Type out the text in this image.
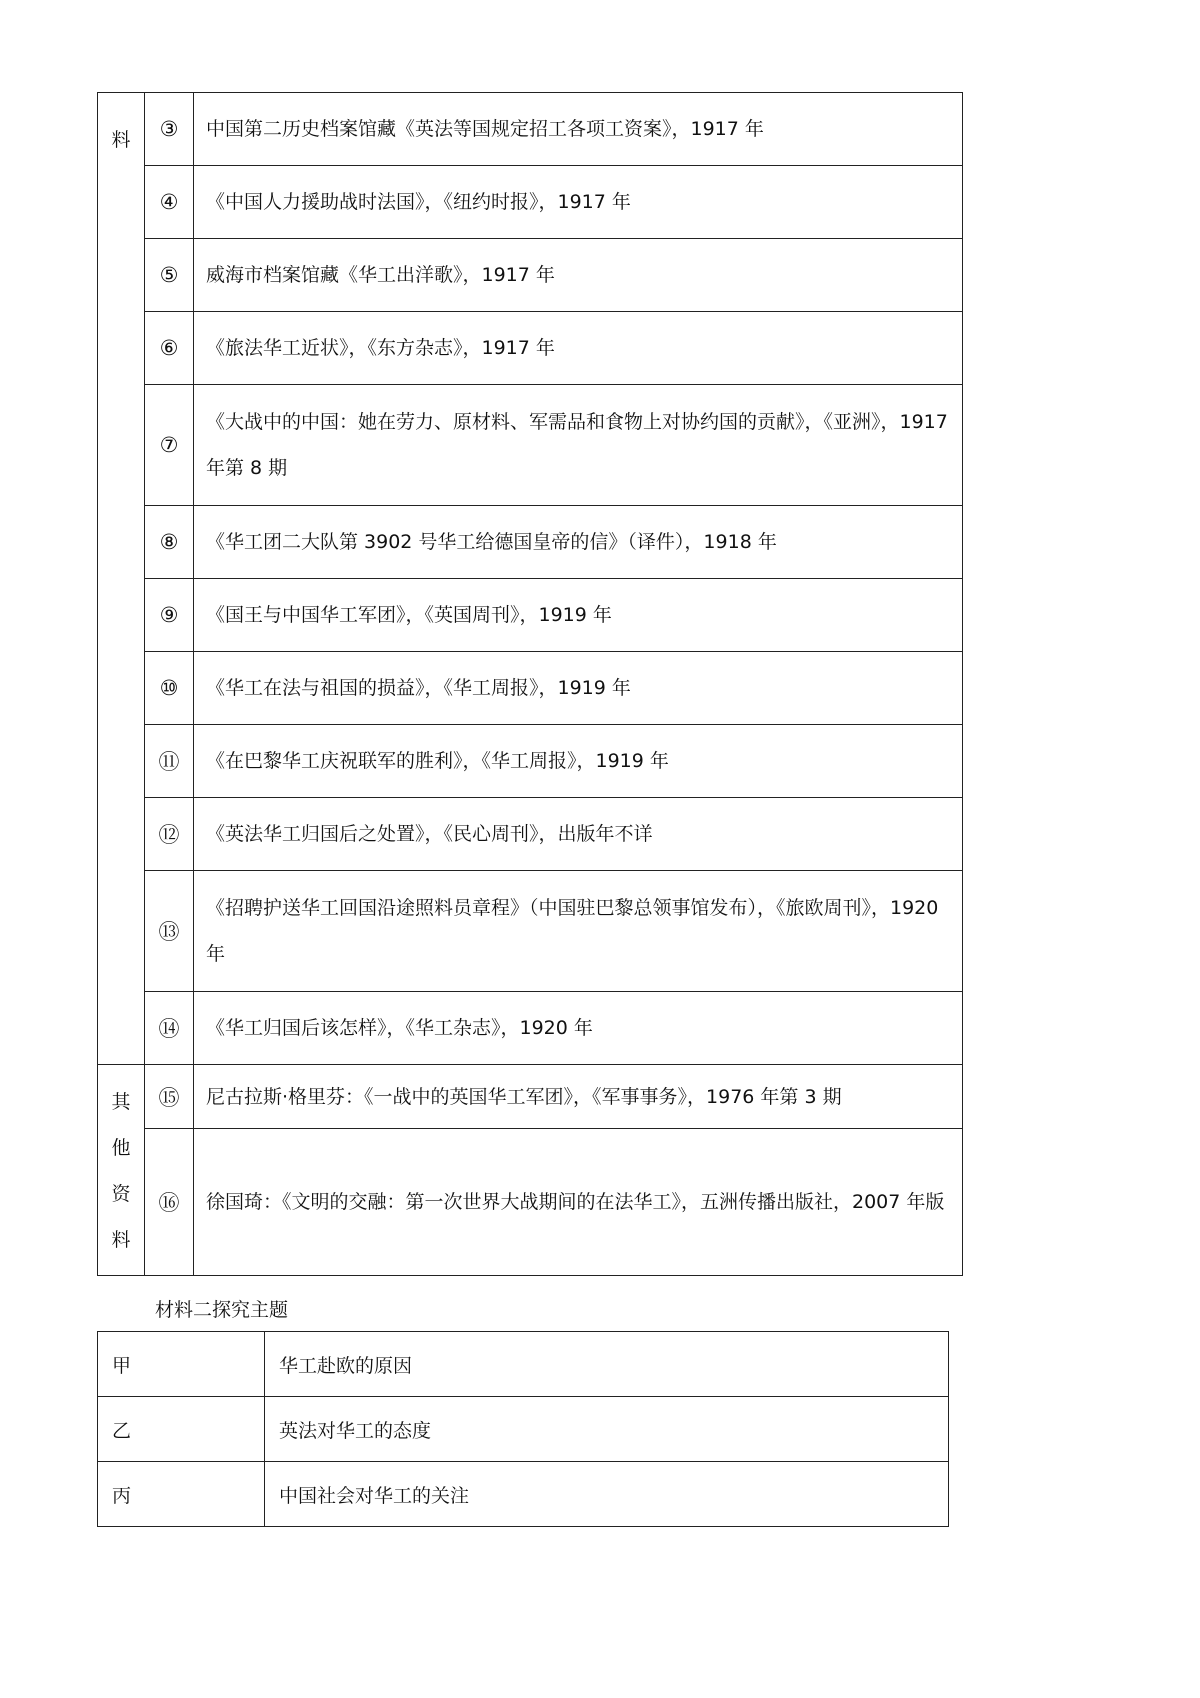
料	③	中国第二历史档案馆藏《英法等国规定招工各项工资案》，1917 年
	④	《中国人力援助战时法国》，《纽约时报》，1917 年
	⑤	威海市档案馆藏《华工出洋歌》，1917 年
	⑥	《旅法华工近状》，《东方杂志》，1917 年
	⑦	《大战中的中国：她在劳力、原材料、军需品和食物上对协约国的贡献》，《亚洲》，1917 年第 8 期
	⑧	《华工团二大队第 3902 号华工给德国皇帝的信》（译件），1918 年
	⑨	《国王与中国华工军团》，《英国周刊》，1919 年
	⑩	《华工在法与祖国的损益》，《华工周报》，1919 年
	⑪	《在巴黎华工庆祝联军的胜利》，《华工周报》，1919 年
	⑫	《英法华工归国后之处置》，《民心周刊》，出版年不详
	⑬	《招聘护送华工回国沿途照料员章程》（中国驻巴黎总领事馆发布），《旅欧周刊》，1920 年
	⑭	《华工归国后该怎样》，《华工杂志》，1920 年

其
他
资
料	⑮	尼古拉斯·格里芬：《一战中的英国华工军团》，《军事事务》，1976 年第 3 期
	⑯	徐国琦：《文明的交融：第一次世界大战期间的在法华工》，五洲传播出版社，2007 年版
材料二探究主题
甲	华工赴欧的原因
乙	英法对华工的态度
丙	中国社会对华工的关注
